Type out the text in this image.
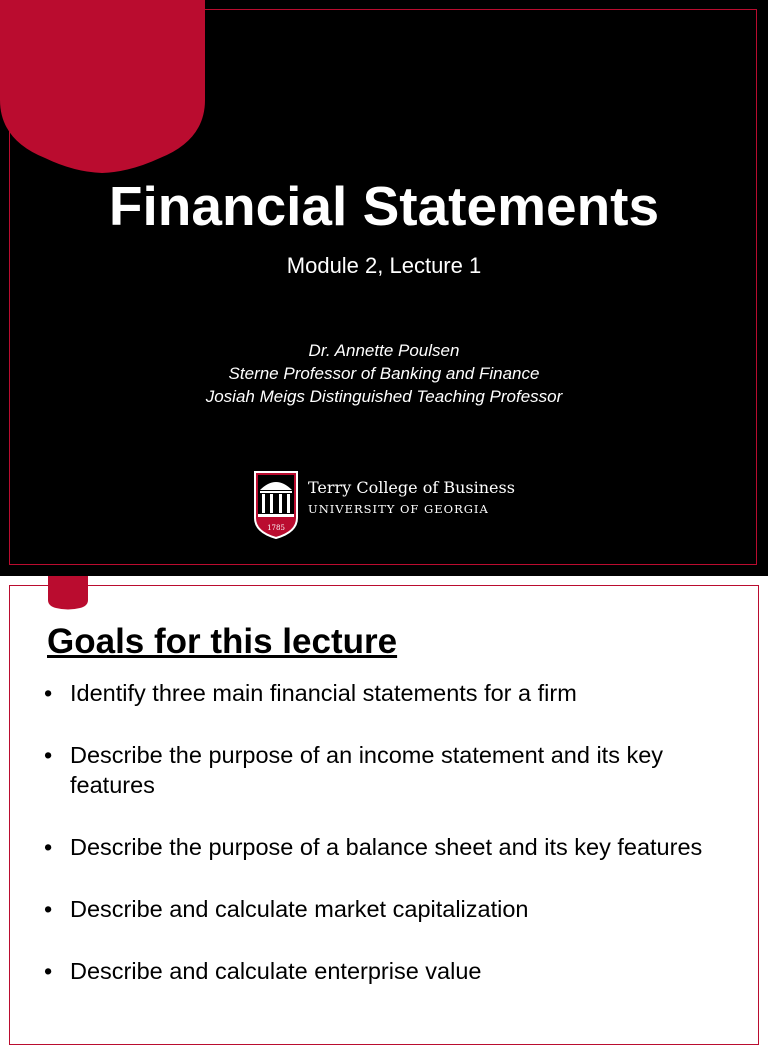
Financial Statements
Module 2, Lecture 1
Dr. Annette Poulsen
Sterne Professor of Banking and Finance
Josiah Meigs Distinguished Teaching Professor
1785
Terry College of Business
UNIVERSITY OF GEORGIA
Goals for this lecture
• Identify three main financial statements for a firm
• Describe the purpose of an income statement and its key features
• Describe the purpose of a balance sheet and its key features
• Describe and calculate market capitalization
• Describe and calculate enterprise value
